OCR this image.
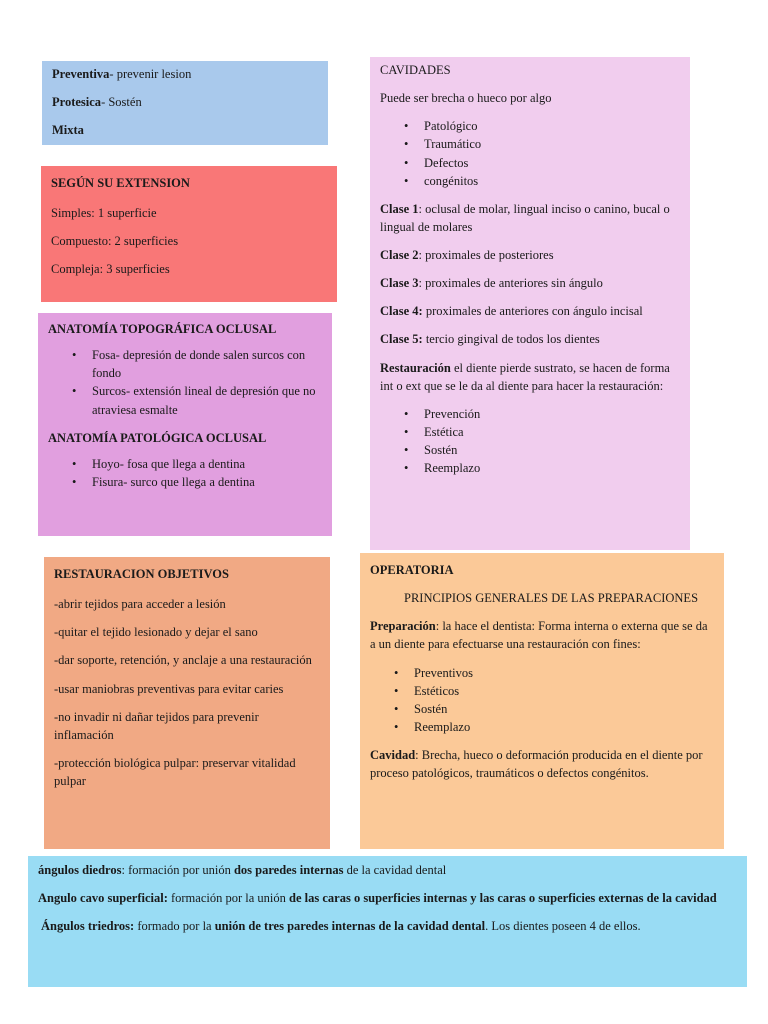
Preventiva- prevenir lesion

Protesica- Sostén

Mixta

SEGÚN SU EXTENSION

Simples: 1 superficie

Compuesto: 2 superficies

Compleja: 3 superficies

ANATOMÍA TOPOGRÁFICA OCLUSAL
• Fosa- depresión de donde salen surcos con fondo
• Surcos- extensión lineal de depresión que no atraviesa esmalte
ANATOMÍA PATOLÓGICA OCLUSAL
• Hoyo- fosa que llega a dentina
• Fisura- surco que llega a dentina

CAVIDADES

Puede ser brecha o hueco por algo

• Patológico
• Traumático
• Defectos
• congénitos

Clase 1: oclusal de molar, lingual inciso o canino, bucal o lingual de molares

Clase 2: proximales de posteriores

Clase 3: proximales de anteriores sin ángulo

Clase 4: proximales de anteriores con ángulo incisal

Clase 5: tercio gingival de todos los dientes

Restauración el diente pierde sustrato, se hacen de forma int o ext que se le da al diente para hacer la restauración:

• Prevención
• Estética
• Sostén
• Reemplazo
RESTAURACION OBJETIVOS

-abrir tejidos para acceder a lesión

-quitar el tejido lesionado y dejar el sano

-dar soporte, retención, y anclaje a una restauración

-usar maniobras preventivas para evitar caries

-no invadir ni dañar tejidos para prevenir inflamación

-protección biológica pulpar: preservar vitalidad pulpar

OPERATORIA

PRINCIPIOS GENERALES DE LAS PREPARACIONES

Preparación: la hace el dentista: Forma interna o externa que se da a un diente para efectuarse una restauración con fines:

• Preventivos
• Estéticos
• Sostén
• Reemplazo

Cavidad: Brecha, hueco o deformación producida en el diente por proceso patológicos, traumáticos o defectos congénitos.

ángulos diedros: formación por unión dos paredes internas de la cavidad dental

Angulo cavo superficial: formación por la unión de las caras o superficies internas y las caras o superficies externas de la cavidad

Ángulos triedros: formado por la unión de tres paredes internas de la cavidad dental. Los dientes poseen 4 de ellos.
